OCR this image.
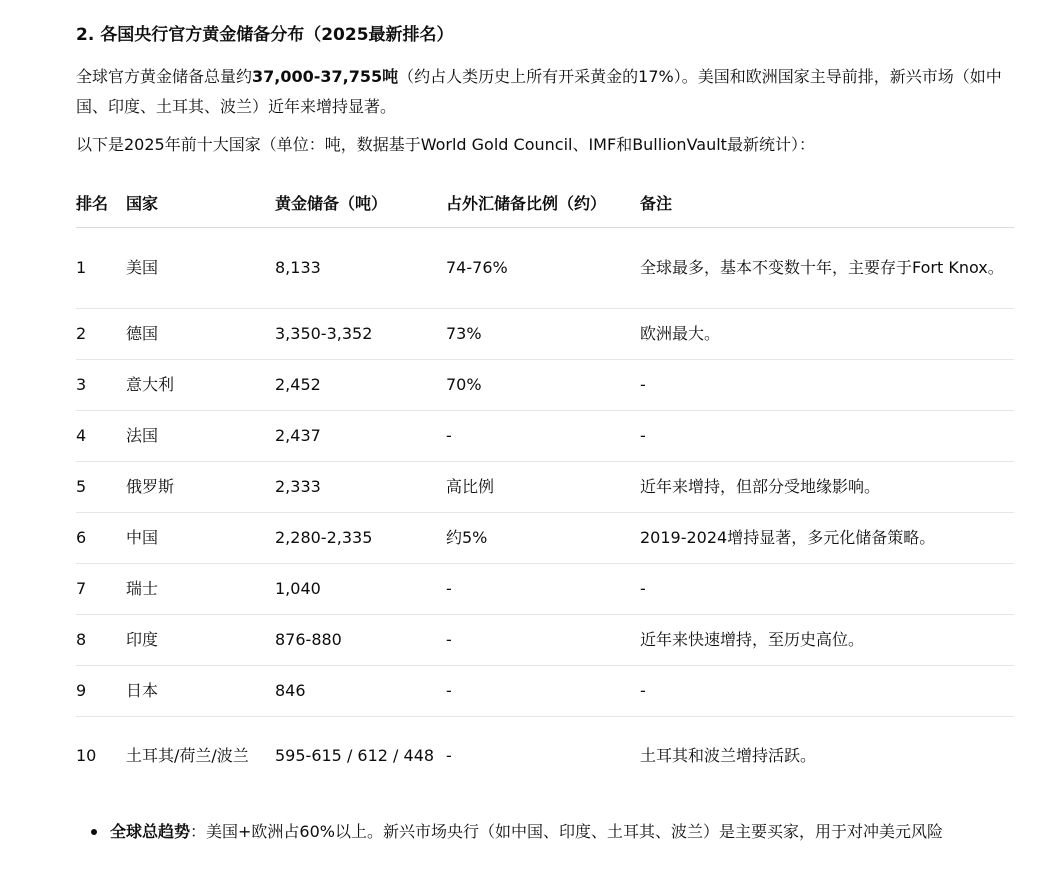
2. 各国央行官方黄金储备分布（2025最新排名）

全球官方黄金储备总量约37,000-37,755吨（约占人类历史上所有开采黄金的17%）。美国和欧洲国家主导前排，新兴市场（如中国、印度、土耳其、波兰）近年来增持显著。

以下是2025年前十大国家（单位：吨，数据基于World Gold Council、IMF和BullionVault最新统计）：

排名	国家	黄金储备（吨）	占外汇储备比例（约）	备注
1	美国	8,133	74-76%	全球最多，基本不变数十年，主要存于Fort Knox。
2	德国	3,350-3,352	73%	欧洲最大。
3	意大利	2,452	70%	-
4	法国	2,437	-	-
5	俄罗斯	2,333	高比例	近年来增持，但部分受地缘影响。
6	中国	2,280-2,335	约5%	2019-2024增持显著，多元化储备策略。
7	瑞士	1,040	-	-
8	印度	876-880	-	近年来快速增持，至历史高位。
9	日本	846	-	-
10	土耳其/荷兰/波兰	595-615 / 612 / 448	-	土耳其和波兰增持活跃。
全球总趋势：美国+欧洲占60%以上。新兴市场央行（如中国、印度、土耳其、波兰）是主要买家，用于对冲美元风险
